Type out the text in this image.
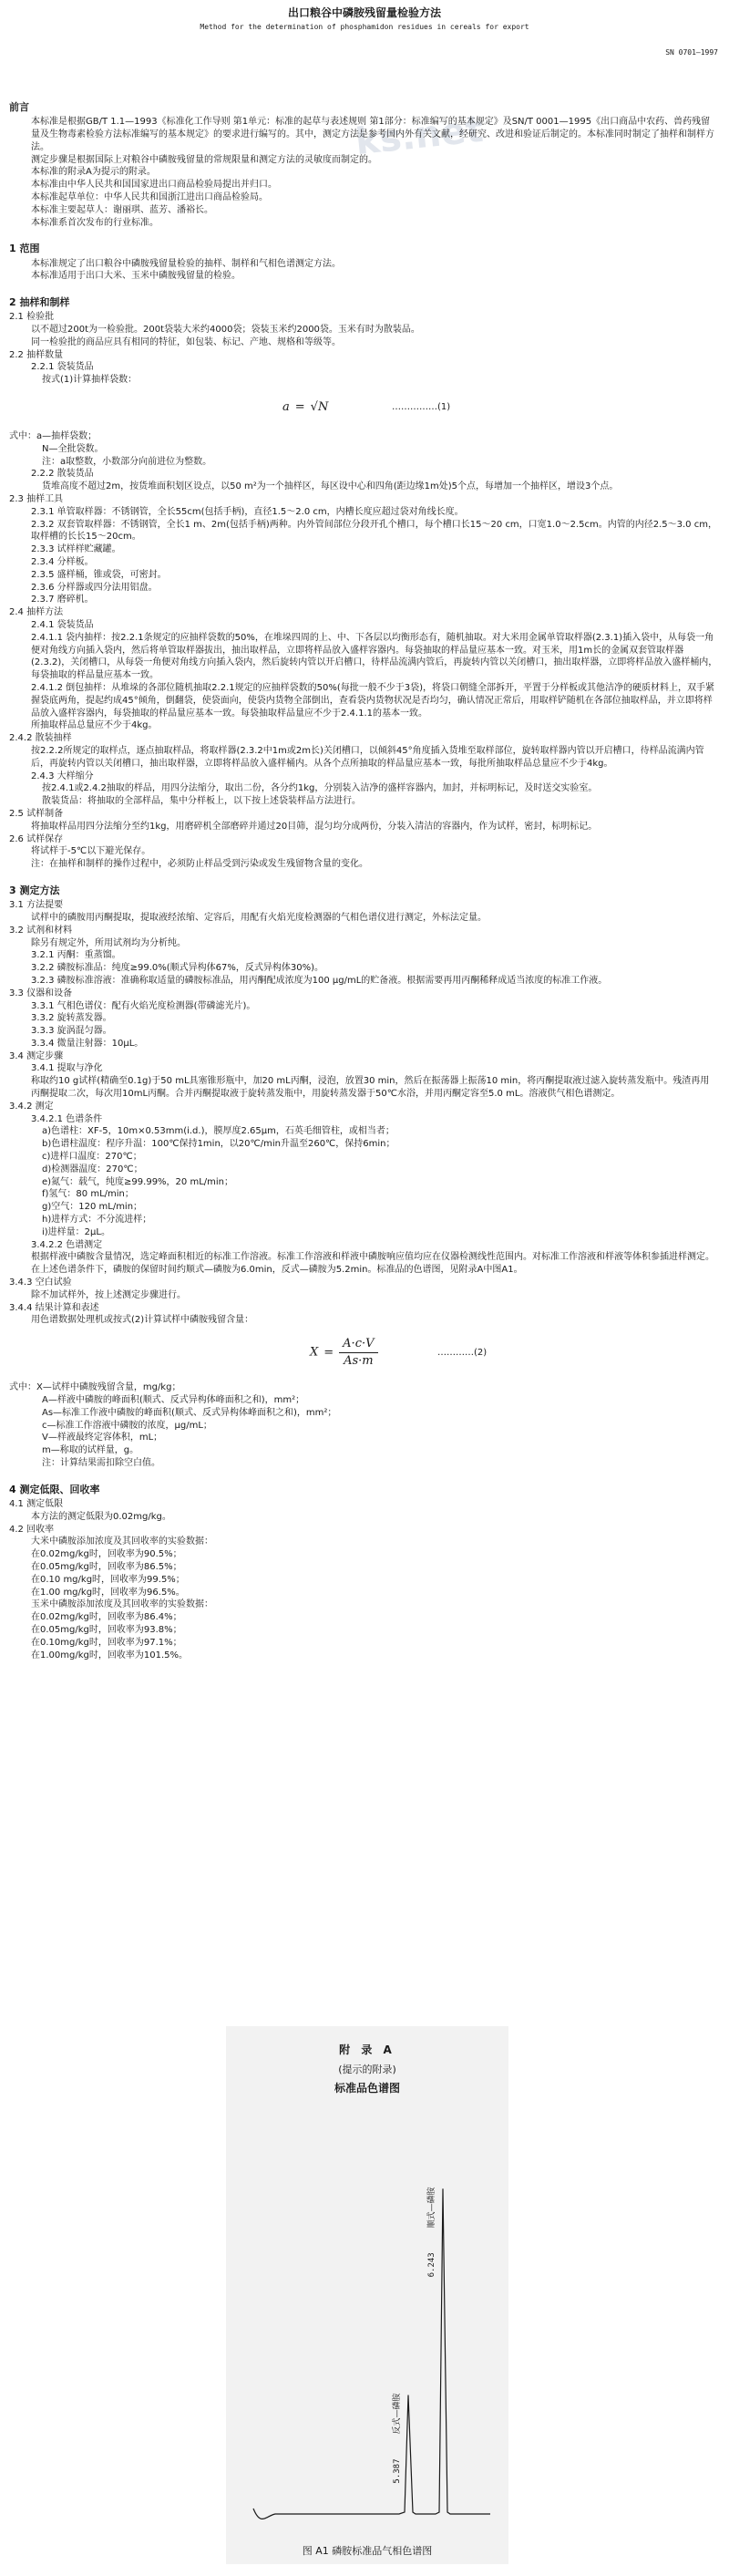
出口粮谷中磷胺残留量检验方法
Method for the determination of phosphamidon residues in cereals for export
SN 0701—1997
ks.net
前言
本标准是根据GB/T 1.1—1993《标准化工作导则 第1单元：标准的起草与表述规则 第1部分：标准编写的基本规定》及SN/T 0001—1995《出口商品中农药、兽药残留量及生物毒素检验方法标准编写的基本规定》的要求进行编写的。其中，测定方法是参考国内外有关文献，经研究、改进和验证后制定的。本标准同时制定了抽样和制样方法。
测定步骤是根据国际上对粮谷中磷胺残留量的常规限量和测定方法的灵敏度而制定的。
本标准的附录A为提示的附录。
本标准由中华人民共和国国家进出口商品检验局提出并归口。
本标准起草单位：中华人民共和国浙江进出口商品检验局。
本标准主要起草人：谢丽琪、蓝芳、潘裕长。
本标准系首次发布的行业标准。
1 范围
本标准规定了出口粮谷中磷胺残留量检验的抽样、制样和气相色谱测定方法。
本标准适用于出口大米、玉米中磷胺残留量的检验。
2 抽样和制样
2.1 检验批
以不超过200t为一检验批。200t袋装大米约4000袋；袋装玉米约2000袋。玉米有时为散装品。
同一检验批的商品应具有相同的特征，如包装、标记、产地、规格和等级等。
2.2 抽样数量
2.2.1 袋装货品
按式(1)计算抽样袋数：
a = √N	……………(1)
式中：a—抽样袋数；
N—全批袋数。
注：a取整数，小数部分向前进位为整数。
2.2.2 散装货品
货堆高度不超过2m，按货堆面积划区设点，以50 m²为一个抽样区，每区设中心和四角(距边缘1m处)5个点，每增加一个抽样区，增设3个点。
2.3 抽样工具
2.3.1 单管取样器：不锈钢管，全长55cm(包括手柄)，直径1.5～2.0 cm，内槽长度应超过袋对角线长度。
2.3.2 双套管取样器：不锈钢管，全长1 m、2m(包括手柄)两种。内外管间部位分段开孔个槽口，每个槽口长15～20 cm，口宽1.0～2.5cm。内管的内径2.5～3.0 cm，取样槽的长长15～20cm。
2.3.3 试样样贮藏罐。
2.3.4 分样板。
2.3.5 盛样桶，锥或袋，可密封。
2.3.6 分样器或四分法用铝盘。
2.3.7 磨碎机。
2.4 抽样方法
2.4.1 袋装货品
2.4.1.1 袋内抽样：按2.2.1条规定的应抽样袋数的50%，在堆垛四周的上、中、下各层以均衡形态有，随机抽取。对大米用金属单管取样器(2.3.1)插入袋中，从每袋一角便对角线方向插入袋内，然后将单管取样器拔出，抽出取样品，立即将样品放入盛样容器内。每袋抽取的样品量应基本一致。对玉米，用1m长的金属双套管取样器(2.3.2)，关闭槽口，从每袋一角便对角线方向插入袋内，然后旋转内管以开启槽口，待样品流满内管后，再旋转内管以关闭槽口，抽出取样器，立即将样品放入盛样桶内，每袋抽取的样品量应基本一致。
2.4.1.2 倒包抽样：从堆垛的各部位随机抽取2.2.1规定的应抽样袋数的50%(每批一般不少于3袋)，将袋口朝缝全部拆开，平置于分样板或其他洁净的硬质材料上，双手紧握袋底两角，提起约成45°倾角，倒翻袋，使袋面向，使袋内货物全部倒出，查看袋内货物状况是否均匀，确认情况正常后，用取样铲随机在各部位抽取样品，并立即将样品放入盛样容器内，每袋抽取的样品量应基本一致。每袋抽取样品量应不少于2.4.1.1的基本一致。
所抽取样品总量应不少于4kg。
2.4.2 散装抽样
按2.2.2所规定的取样点，逐点抽取样品，将取样器(2.3.2中1m或2m长)关闭槽口，以倾斜45°角度插入货堆至取样部位，旋转取样器内管以开启槽口，待样品流满内管后，再旋转内管以关闭槽口，抽出取样器，立即将样品放入盛样桶内。从各个点所抽取的样品量应基本一致，每批所抽取样品总量应不少于4kg。
2.4.3 大样缩分
按2.4.1或2.4.2抽取的样品，用四分法缩分，取出二份，各分约1kg，分别装入洁净的盛样容器内，加封，并标明标记，及时送交实验室。
散装货品：将抽取的全部样品，集中分样板上，以下按上述袋装样品方法进行。
2.5 试样制备
将抽取样品用四分法缩分至约1kg，用磨碎机全部磨碎并通过20目筛，混匀均分成两份，分装入清洁的容器内，作为试样，密封，标明标记。
2.6 试样保存
将试样于-5℃以下避光保存。
注：在抽样和制样的操作过程中，必须防止样品受到污染或发生残留物含量的变化。
3 测定方法
3.1 方法提要
试样中的磷胺用丙酮提取，提取液经浓缩、定容后，用配有火焰光度检测器的气相色谱仪进行测定，外标法定量。
3.2 试剂和材料
除另有规定外，所用试剂均为分析纯。
3.2.1 丙酮：重蒸馏。
3.2.2 磷胺标准品：纯度≥99.0%(顺式异构体67%，反式异构体30%)。
3.2.3 磷胺标准溶液：准确称取适量的磷胺标准品，用丙酮配成浓度为100 μg/mL的贮备液。根据需要再用丙酮稀释成适当浓度的标准工作液。
3.3 仪器和设备
3.3.1 气相色谱仪：配有火焰光度检测器(带磷滤光片)。
3.3.2 旋转蒸发器。
3.3.3 旋涡混匀器。
3.3.4 微量注射器：10μL。
3.4 测定步骤
3.4.1 提取与净化
称取约10 g试样(精确至0.1g)于50 mL具塞锥形瓶中，加20 mL丙酮，浸泡，放置30 min，然后在振荡器上振荡10 min，将丙酮提取液过滤入旋转蒸发瓶中。残渣再用丙酮提取二次，每次用10mL丙酮。合并丙酮提取液于旋转蒸发瓶中，用旋转蒸发器于50℃水浴，并用丙酮定容至5.0 mL。溶液供气相色谱测定。
3.4.2 测定
3.4.2.1 色谱条件
a)色谱柱：XF-5，10m×0.53mm(i.d.)，膜厚度2.65μm，石英毛细管柱，或相当者；
b)色谱柱温度：程序升温：100℃保持1min，以20℃/min升温至260℃，保持6min；
c)进样口温度：270℃；
d)检测器温度：270℃；
e)氮气：载气，纯度≥99.99%，20 mL/min；
f)氢气：80 mL/min；
g)空气：120 mL/min；
h)进样方式：不分流进样；
i)进样量：2μL。
3.4.2.2 色谱测定
根据样液中磷胺含量情况，选定峰面积相近的标准工作溶液。标准工作溶液和样液中磷胺响应值均应在仪器检测线性范围内。对标准工作溶液和样液等体积参插进样测定。在上述色谱条件下，磷胺的保留时间约顺式—磷胺为6.0min，反式—磷胺为5.2min。标准品的色谱图，见附录A中图A1。
3.4.3 空白试验
除不加试样外，按上述测定步骤进行。
3.4.4 结果计算和表述
用色谱数据处理机或按式(2)计算试样中磷胺残留含量：
$X = \frac{A\cdot c\cdot V}{As\cdot m}$	…………(2)
式中：X—试样中磷胺残留含量，mg/kg；
A—样液中磷胺的峰面积(顺式、反式异构体峰面积之和)，mm²；
As—标准工作液中磷胺的峰面积(顺式、反式异构体峰面积之和)，mm²；
c—标准工作溶液中磷胺的浓度，μg/mL；
V—样液最终定容体积，mL；
m—称取的试样量，g。
注：计算结果需扣除空白值。
4 测定低限、回收率
4.1 测定低限
本方法的测定低限为0.02mg/kg。
4.2 回收率
大米中磷胺添加浓度及其回收率的实验数据：
在0.02mg/kg时，回收率为90.5%；
在0.05mg/kg时，回收率为86.5%；
在0.10 mg/kg时，回收率为99.5%；
在1.00 mg/kg时，回收率为96.5%。
玉米中磷胺添加浓度及其回收率的实验数据：
在0.02mg/kg时，回收率为86.4%；
在0.05mg/kg时，回收率为93.8%；
在0.10mg/kg时，回收率为97.1%；
在1.00mg/kg时，回收率为101.5%。
附 录 A
(提示的附录)
标准品色谱图
反式—磷胺
5.387
顺式—磷胺
6.243
图 A1 磷胺标准品气相色谱图
